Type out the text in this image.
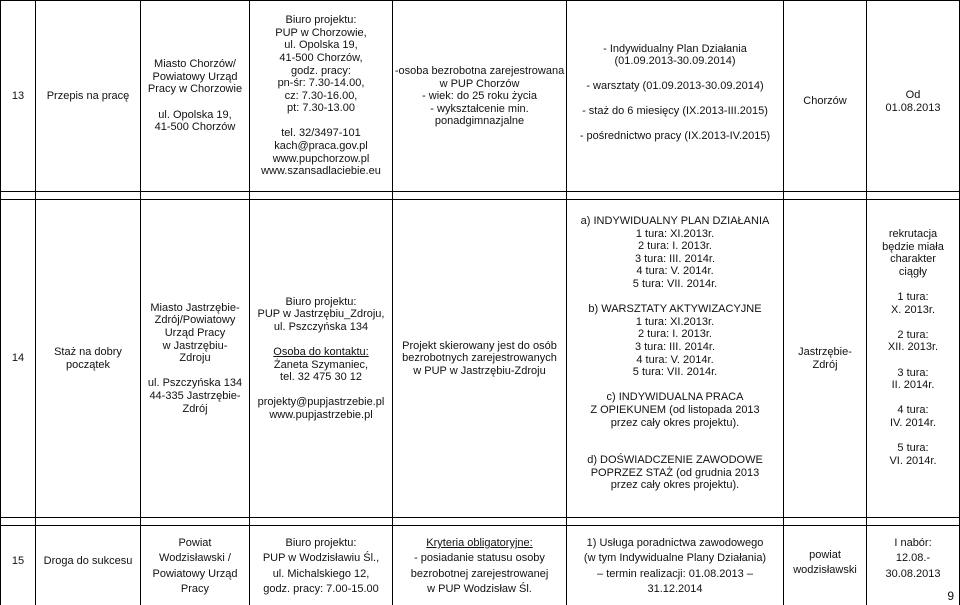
13 Przepis na pracę
Miasto Chorzów/
Powiatowy Urząd
Pracy w Chorzowie

ul. Opolska 19,
41-500 Chorzów
Biuro projektu:
PUP w Chorzowie,
ul. Opolska 19,
41-500 Chorzów,
godz. pracy:
pn-śr: 7.30-14.00,
cz: 7.30-16.00,
pt: 7.30-13.00

tel. 32/3497-101
kach@praca.gov.pl
www.pupchorzow.pl
www.szansadlaciebie.eu
-osoba bezrobotna zarejestrowana
w PUP Chorzów
- wiek: do 25 roku życia
- wykształcenie min.
ponadgimnazjalne
- Indywidualny Plan Działania
(01.09.2013-30.09.2014)

- warsztaty (01.09.2013-30.09.2014)

- staż do 6 miesięcy (IX.2013-III.2015)

- pośrednictwo pracy (IX.2013-IV.2015)
Chorzów	Od
01.08.2013
14
Staż na dobry
początek
Miasto Jastrzębie-
Zdrój/Powiatowy
Urząd Pracy
w Jastrzębiu-
Zdroju

ul. Pszczyńska 134
44-335 Jastrzębie-
Zdrój
Biuro projektu:
PUP w Jastrzębiu_Zdroju,
ul. Pszczyńska 134

Osoba do kontaktu:
Żaneta Szymaniec,
tel. 32 475 30 12

projekty@pupjastrzebie.pl
www.pupjastrzebie.pl
Projekt skierowany jest do osób
bezrobotnych zarejestrowanych
w PUP w Jastrzębiu-Zdroju
a) INDYWIDUALNY PLAN DZIAŁANIA
1 tura: XI.2013r.
2 tura: I. 2013r.
3 tura: III. 2014r.
4 tura: V. 2014r.
5 tura: VII. 2014r.

b) WARSZTATY AKTYWIZACYJNE
1 tura: XI.2013r.
2 tura: I. 2013r.
3 tura: III. 2014r.
4 tura: V. 2014r.
5 tura: VII. 2014r.

c) INDYWIDUALNA PRACA
Z OPIEKUNEM (od listopada 2013
przez cały okres projektu).

d) DOŚWIADCZENIE ZAWODOWE
POPRZEZ STAŻ (od grudnia 2013
przez cały okres projektu).
Jastrzębie-Zdrój
rekrutacja
będzie miała
charakter
ciągły

1 tura:
X. 2013r.

2 tura:
XII. 2013r.

3 tura:
II. 2014r.

4 tura:
IV. 2014r.

5 tura:
VI. 2014r.
15 Droga do sukcesu
Powiat
Wodzisławski /
Powiatowy Urząd
Pracy
Biuro projektu:
PUP w Wodzisławiu Śl.,
ul. Michalskiego 12,
godz. pracy: 7.00-15.00
Kryteria obligatoryjne:
- posiadanie statusu osoby
bezrobotnej zarejestrowanej
w PUP Wodzisław Śl.
1) Usługa poradnictwa zawodowego
(w tym Indywidualne Plany Działania)
– termin realizacji: 01.08.2013 –
31.12.2014
powiat
wodzisławski
I nabór:
12.08.-
30.08.2013
9
